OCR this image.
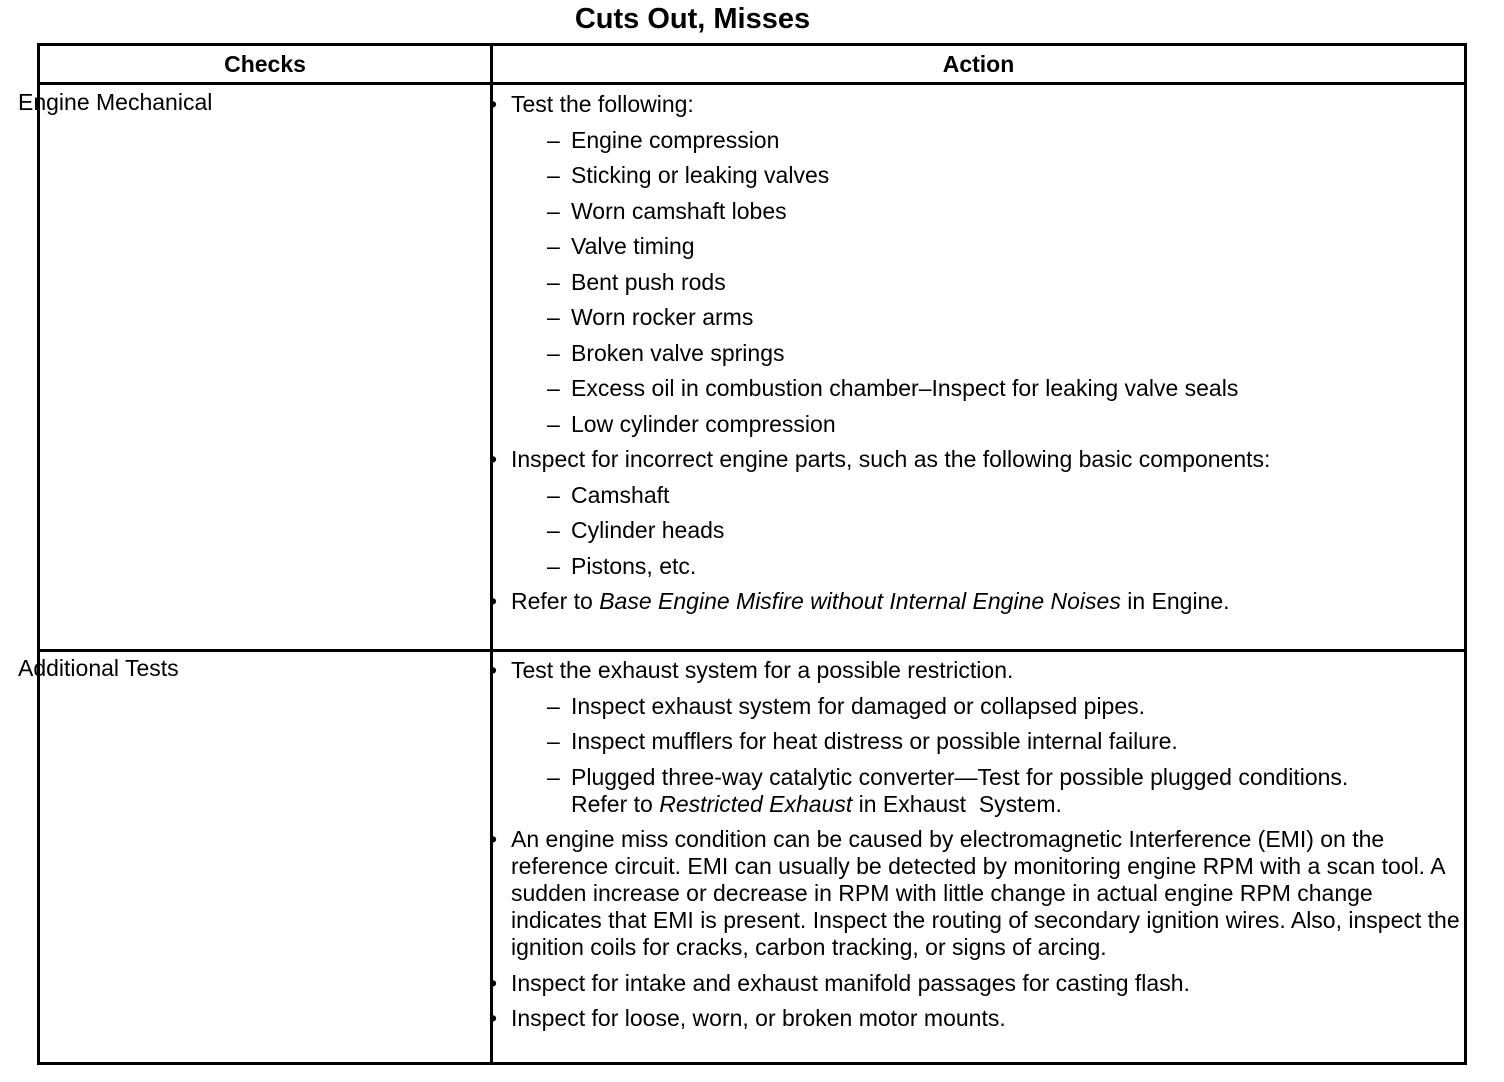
Cuts Out, Misses
Checks	Action
Engine Mechanical	• Test the following:
– Engine compression
– Sticking or leaking valves
– Worn camshaft lobes
– Valve timing
– Bent push rods
– Worn rocker arms
– Broken valve springs
– Excess oil in combustion chamber–Inspect for leaking valve seals
– Low cylinder compression
• Inspect for incorrect engine parts, such as the following basic components:
– Camshaft
– Cylinder heads
– Pistons, etc.
• Refer to Base Engine Misfire without Internal Engine Noises in Engine.
Additional Tests	• Test the exhaust system for a possible restriction.
– Inspect exhaust system for damaged or collapsed pipes.
– Inspect mufflers for heat distress or possible internal failure.
– Plugged three-way catalytic converter—Test for possible plugged conditions.
Refer to Restricted Exhaust in Exhaust  System.
• An engine miss condition can be caused by electromagnetic Interference (EMI) on the reference circuit. EMI can usually be detected by monitoring engine RPM with a scan tool. A sudden increase or decrease in RPM with little change in actual engine RPM change indicates that EMI is present. Inspect the routing of secondary ignition wires. Also, inspect the ignition coils for cracks, carbon tracking, or signs of arcing.
• Inspect for intake and exhaust manifold passages for casting flash.
• Inspect for loose, worn, or broken motor mounts.
